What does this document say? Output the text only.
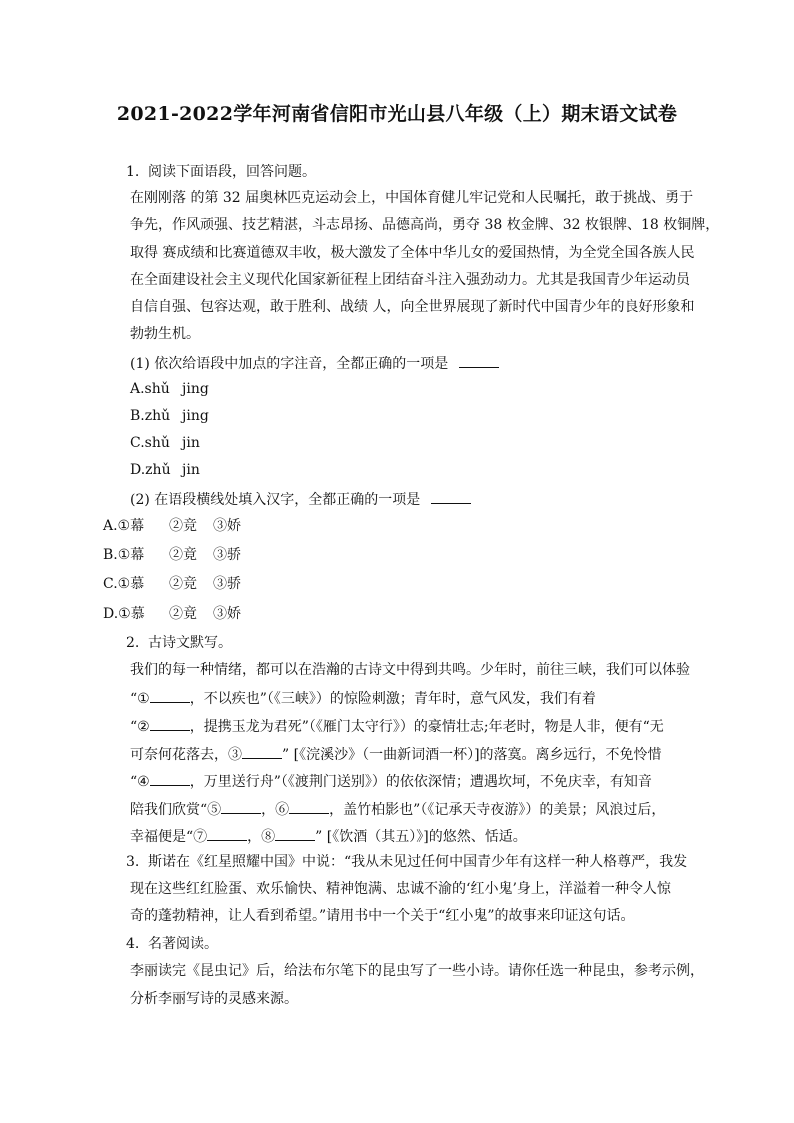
2021-2022学年河南省信阳市光山县八年级（上）期末语文试卷
1. 阅读下面语段，回答问题。
在刚刚落 的第 32 届奥林匹克运动会上，中国体育健儿牢记党和人民嘱托，敢于挑战、勇于
争先，作风顽强、技艺精湛，斗志昂扬、品德高尚，勇夺 38 枚金牌、32 枚银牌、18 枚铜牌，
取得 赛成绩和比赛道德双丰收，极大激发了全体中华儿女的爱国热情，为全党全国各族人民
在全面建设社会主义现代化国家新征程上团结奋斗注入强劲动力。尤其是我国青少年运动员
自信自强、包容达观，敢于胜利、战绩 人，向全世界展现了新时代中国青少年的良好形象和
勃勃生机。
(1) 依次给语段中加点的字注音，全都正确的一项是
A.shǔ jing
B.zhǔ jing
C.shǔ jin
D.zhǔ jin
(2) 在语段横线处填入汉字，全都正确的一项是
A.①幕 ②竞 ③娇
B.①幕 ②竟 ③骄
C.①慕 ②竞 ③骄
D.①慕 ②竟 ③娇
2. 古诗文默写。
我们的每一种情绪，都可以在浩瀚的古诗文中得到共鸣。少年时，前往三峡，我们可以体验
“①	，不以疾也”（《三峡》）的惊险刺激；青年时，意气风发，我们有着
“②	，提携玉龙为君死”（《雁门太守行》）的豪情壮志;年老时，物是人非，便有“无
可奈何花落去，③	” [《浣溪沙》（一曲新词酒一杯）]的落寞。离乡远行，不免怜惜
“④	，万里送行舟”（《渡荆门送别》）的依依深情；遭遇坎坷，不免庆幸，有知音
陪我们欣赏“⑤	，⑥	，盖竹柏影也”（《记承天寺夜游》）的美景；风浪过后，
幸福便是“⑦	，⑧	” [《饮酒（其五）》]的悠然、恬适。
3. 斯诺在《红星照耀中国》中说：“我从未见过任何中国青少年有这样一种人格尊严，我发
现在这些红红脸蛋、欢乐愉快、精神饱满、忠诚不渝的‘红小鬼’身上，洋溢着一种令人惊
奇的蓬勃精神，让人看到希望。”请用书中一个关于“红小鬼”的故事来印证这句话。
4. 名著阅读。
李丽读完《昆虫记》后，给法布尔笔下的昆虫写了一些小诗。请你任选一种昆虫，参考示例，
分析李丽写诗的灵感来源。
